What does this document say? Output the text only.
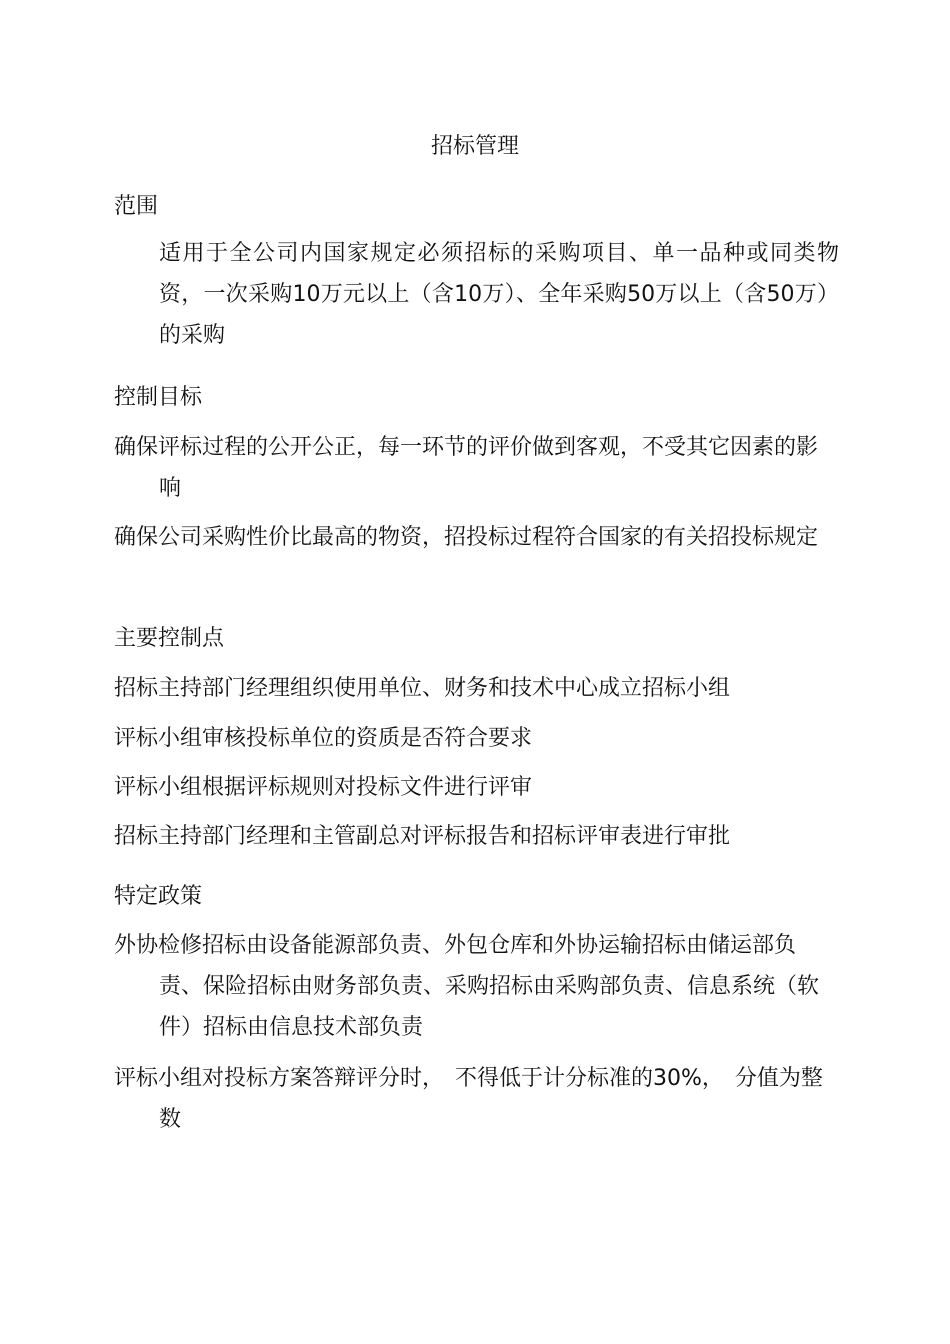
招标管理
范围
适用于全公司内国家规定必须招标的采购项目、单一品种或同类物资，一次采购10万元以上（含10万）、全年采购50万以上（含50万）的采购
控制目标
确保评标过程的公开公正，每一环节的评价做到客观，不受其它因素的影响
确保公司采购性价比最高的物资，招投标过程符合国家的有关招投标规定
主要控制点
招标主持部门经理组织使用单位、财务和技术中心成立招标小组
评标小组审核投标单位的资质是否符合要求
评标小组根据评标规则对投标文件进行评审
招标主持部门经理和主管副总对评标报告和招标评审表进行审批
特定政策
外协检修招标由设备能源部负责、外包仓库和外协运输招标由储运部负责、保险招标由财务部负责、采购招标由采购部负责、信息系统（软件）招标由信息技术部负责
评标小组对投标方案答辩评分时，　不得低于计分标准的30%，　分值为整数
